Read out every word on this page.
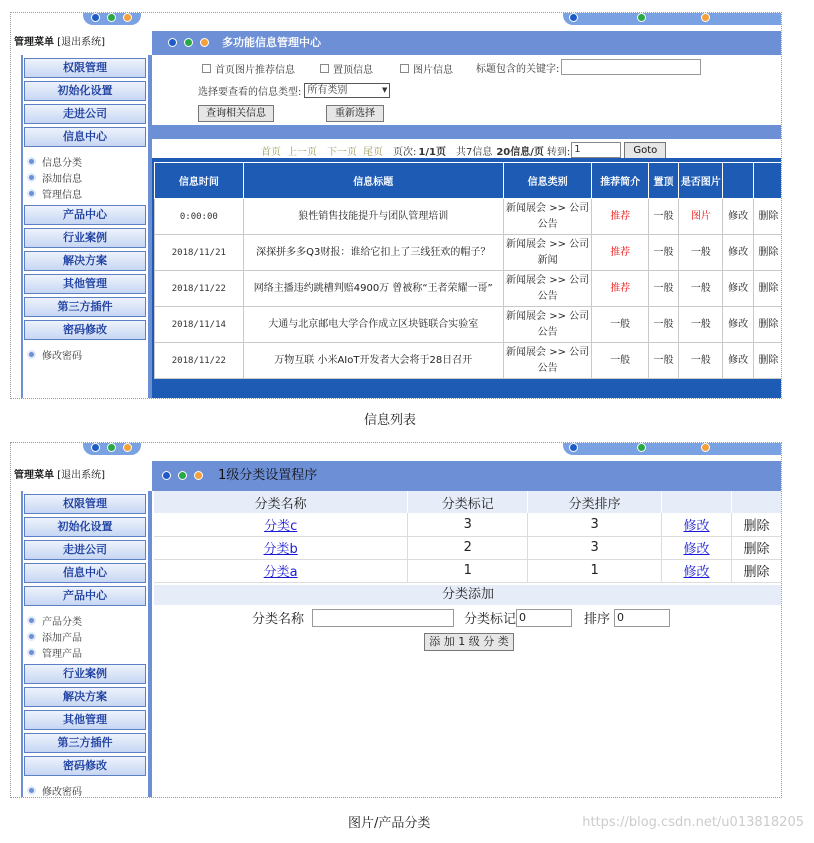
管理菜单 [退出系统]
权限管理
初始化设置
走进公司
信息中心
信息分类
添加信息
管理信息
产品中心
行业案例
解决方案
其他管理
第三方插件
密码修改
修改密码
多功能信息管理中心
首页图片推荐信息	置顶信息	图片信息 标题包含的关键字:
选择要查看的信息类型: 所有类别 ▼
查询相关信息	重新选择
首页 上一页 下一页 尾页 页次: 1/1页 共7信息 20信息/页 转到: 1	Goto
信息时间	信息标题	信息类别	推荐简介	置顶	是否图片		
0:00:00	狼性销售技能提升与团队管理培训	新闻展会 >> 公司
公告	推荐	一般	图片	修改	删除
2018/11/21	深探拼多多Q3财报：谁给它扣上了三线狂欢的帽子？	新闻展会 >> 公司
新闻	推荐	一般	一般	修改	删除
2018/11/22	网络主播违约跳槽判赔4900万 曾被称“王者荣耀一哥”	新闻展会 >> 公司
公告	推荐	一般	一般	修改	删除
2018/11/14	大通与北京邮电大学合作成立区块链联合实验室	新闻展会 >> 公司
公告	一般	一般	一般	修改	删除
2018/11/22	万物互联 小米AIoT开发者大会将于28日召开	新闻展会 >> 公司
公告	一般	一般	一般	修改	删除
信息列表
管理菜单 [退出系统]
权限管理
初始化设置
走进公司
信息中心
产品中心
产品分类
添加产品
管理产品
行业案例
解决方案
其他管理
第三方插件
密码修改
修改密码
1级分类设置程序
分类名称	分类标记	分类排序		
分类c	3	3	修改	删除
分类b	2	3	修改	删除
分类a	1	1	修改	删除
分类添加
分类名称	分类标记 0	排序 0
添 加 1 级 分 类
图片/产品分类	https://blog.csdn.net/u013818205
